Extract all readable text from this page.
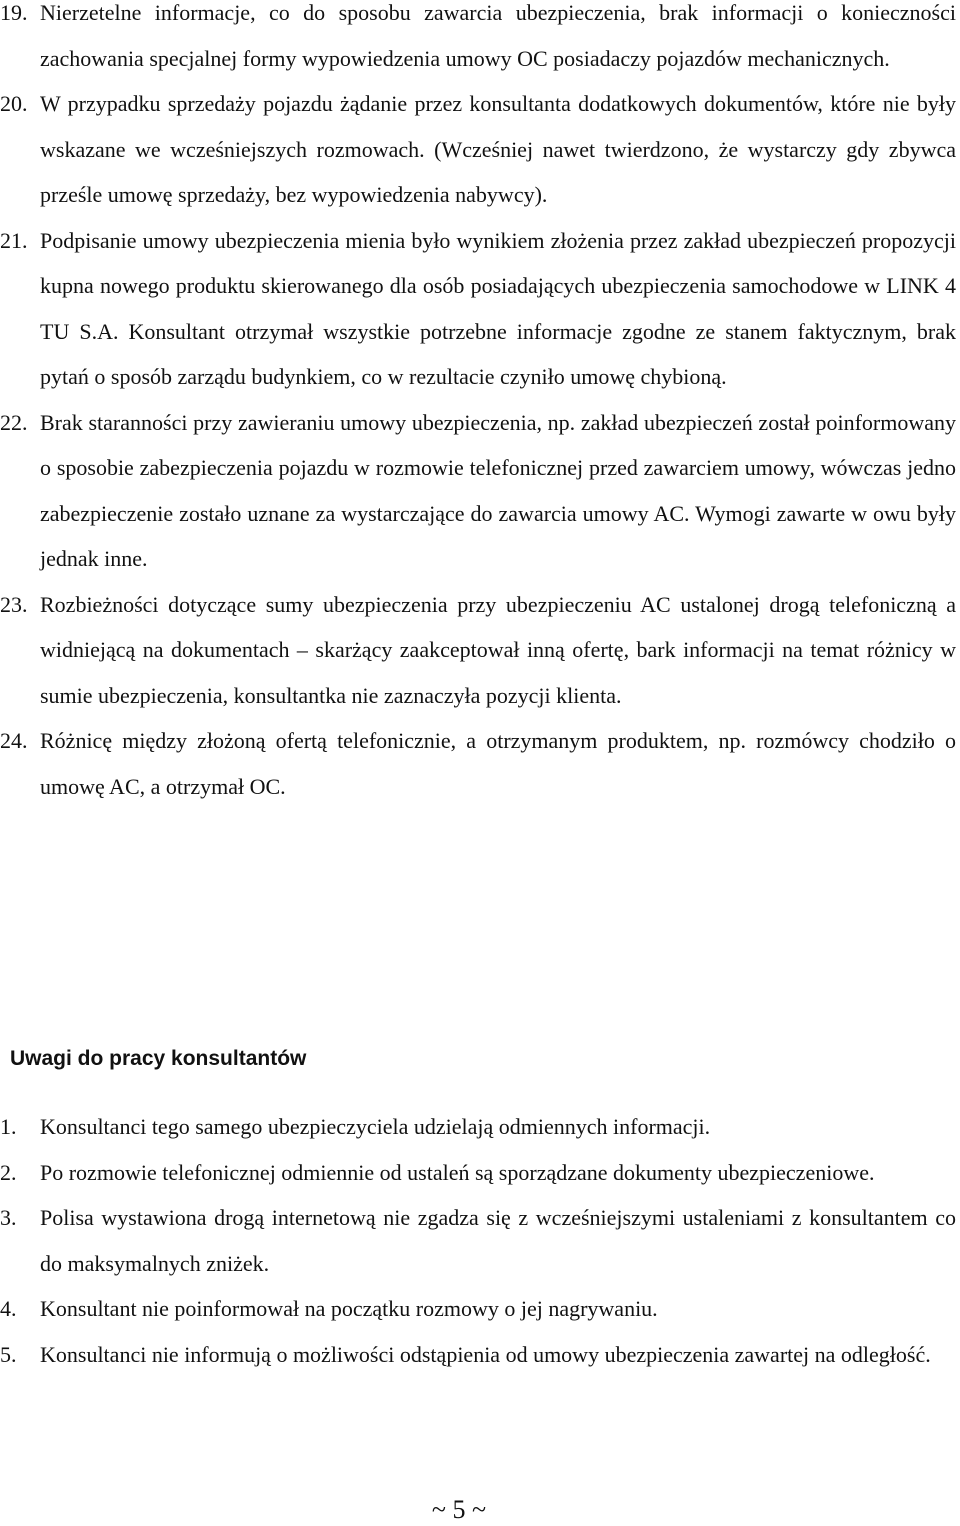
19. Nierzetelne informacje, co do sposobu zawarcia ubezpieczenia, brak informacji o konieczności zachowania specjalnej formy wypowiedzenia umowy OC posiadaczy pojazdów mechanicznych.
20. W przypadku sprzedaży pojazdu żądanie przez konsultanta dodatkowych dokumentów, które nie były wskazane we wcześniejszych rozmowach. (Wcześniej nawet twierdzono, że wystarczy gdy zbywca prześle umowę sprzedaży, bez wypowiedzenia nabywcy).
21. Podpisanie umowy ubezpieczenia mienia było wynikiem złożenia przez zakład ubezpieczeń propozycji kupna nowego produktu skierowanego dla osób posiadających ubezpieczenia samochodowe w LINK 4 TU S.A. Konsultant otrzymał wszystkie potrzebne informacje zgodne ze stanem faktycznym, brak pytań o sposób zarządu budynkiem, co w rezultacie czyniło umowę chybioną.
22. Brak staranności przy zawieraniu umowy ubezpieczenia, np. zakład ubezpieczeń został poinformowany o sposobie zabezpieczenia pojazdu w rozmowie telefonicznej przed zawarciem umowy, wówczas jedno zabezpieczenie zostało uznane za wystarczające do zawarcia umowy AC. Wymogi zawarte w owu były jednak inne.
23. Rozbieżności dotyczące sumy ubezpieczenia przy ubezpieczeniu AC ustalonej drogą telefoniczną a widniejącą na dokumentach – skarżący zaakceptował inną ofertę, bark informacji na temat różnicy w sumie ubezpieczenia, konsultantka nie zaznaczyła pozycji klienta.
24. Różnicę między złożoną ofertą telefonicznie, a otrzymanym produktem, np. rozmówcy chodziło o umowę AC, a otrzymał OC.
Uwagi do pracy konsultantów
1.	Konsultanci tego samego ubezpieczyciela udzielają odmiennych informacji.
2.	Po rozmowie telefonicznej odmiennie od ustaleń są sporządzane dokumenty ubezpieczeniowe.
3.	Polisa wystawiona drogą internetową nie zgadza się z wcześniejszymi ustaleniami z konsultantem co do maksymalnych zniżek.
4.	Konsultant nie poinformował na początku rozmowy o jej nagrywaniu.
5.	Konsultanci nie informują o możliwości odstąpienia od umowy ubezpieczenia zawartej na odległość.
~ 5 ~
